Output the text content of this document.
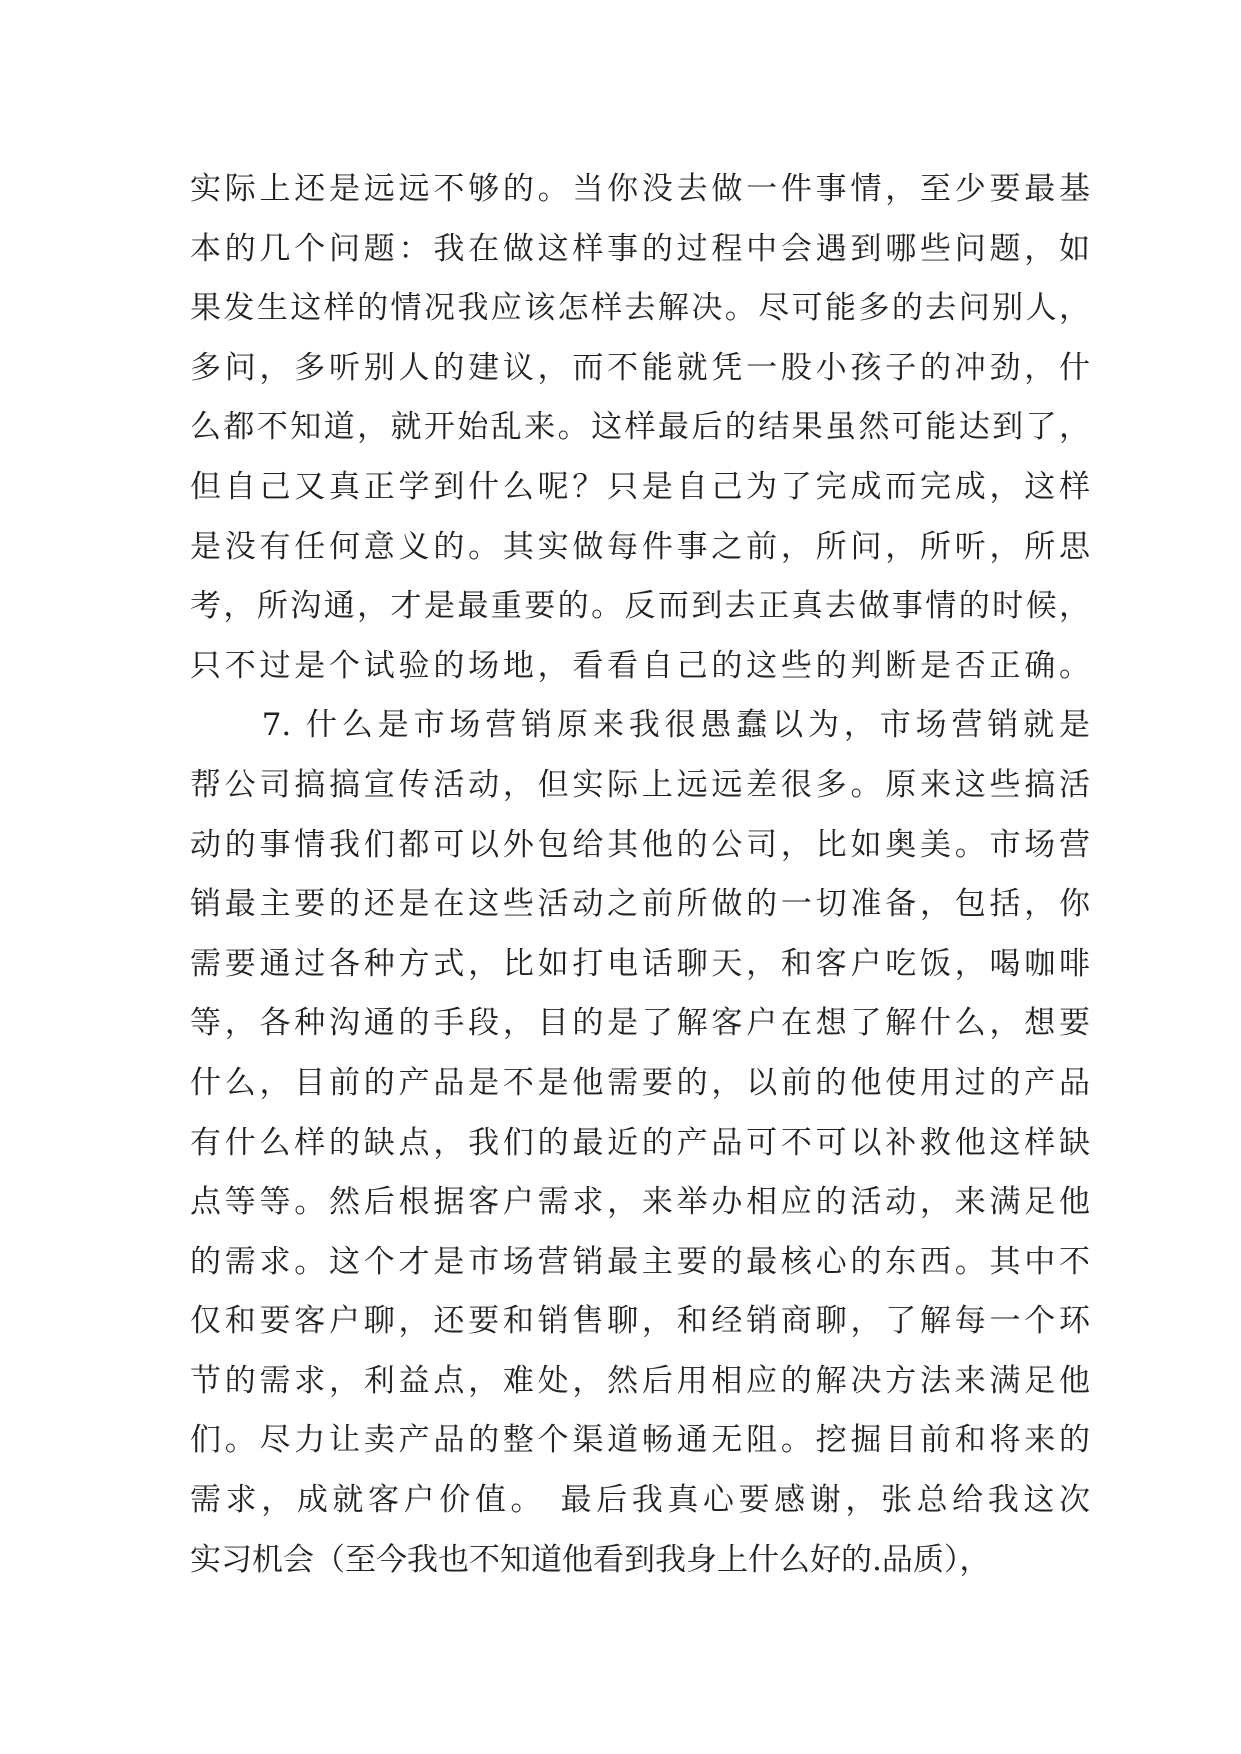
实际上还是远远不够的。当你没去做一件事情，至少要最基
本的几个问题：我在做这样事的过程中会遇到哪些问题，如
果发生这样的情况我应该怎样去解决。尽可能多的去问别人，
多问，多听别人的建议，而不能就凭一股小孩子的冲劲，什
么都不知道，就开始乱来。这样最后的结果虽然可能达到了，
但自己又真正学到什么呢？只是自己为了完成而完成，这样
是没有任何意义的。其实做每件事之前，所问，所听，所思
考，所沟通，才是最重要的。反而到去正真去做事情的时候，
只不过是个试验的场地，看看自己的这些的判断是否正确。
　　7. 什么是市场营销原来我很愚蠢以为，市场营销就是
帮公司搞搞宣传活动，但实际上远远差很多。原来这些搞活
动的事情我们都可以外包给其他的公司，比如奥美。市场营
销最主要的还是在这些活动之前所做的一切准备，包括，你
需要通过各种方式，比如打电话聊天，和客户吃饭，喝咖啡
等，各种沟通的手段，目的是了解客户在想了解什么，想要
什么，目前的产品是不是他需要的，以前的他使用过的产品
有什么样的缺点，我们的最近的产品可不可以补救他这样缺
点等等。然后根据客户需求，来举办相应的活动，来满足他
的需求。这个才是市场营销最主要的最核心的东西。其中不
仅和要客户聊，还要和销售聊，和经销商聊，了解每一个环
节的需求，利益点，难处，然后用相应的解决方法来满足他
们。尽力让卖产品的整个渠道畅通无阻。挖掘目前和将来的
需求，成就客户价值。 最后我真心要感谢，张总给我这次
实习机会（至今我也不知道他看到我身上什么好的.品质），
